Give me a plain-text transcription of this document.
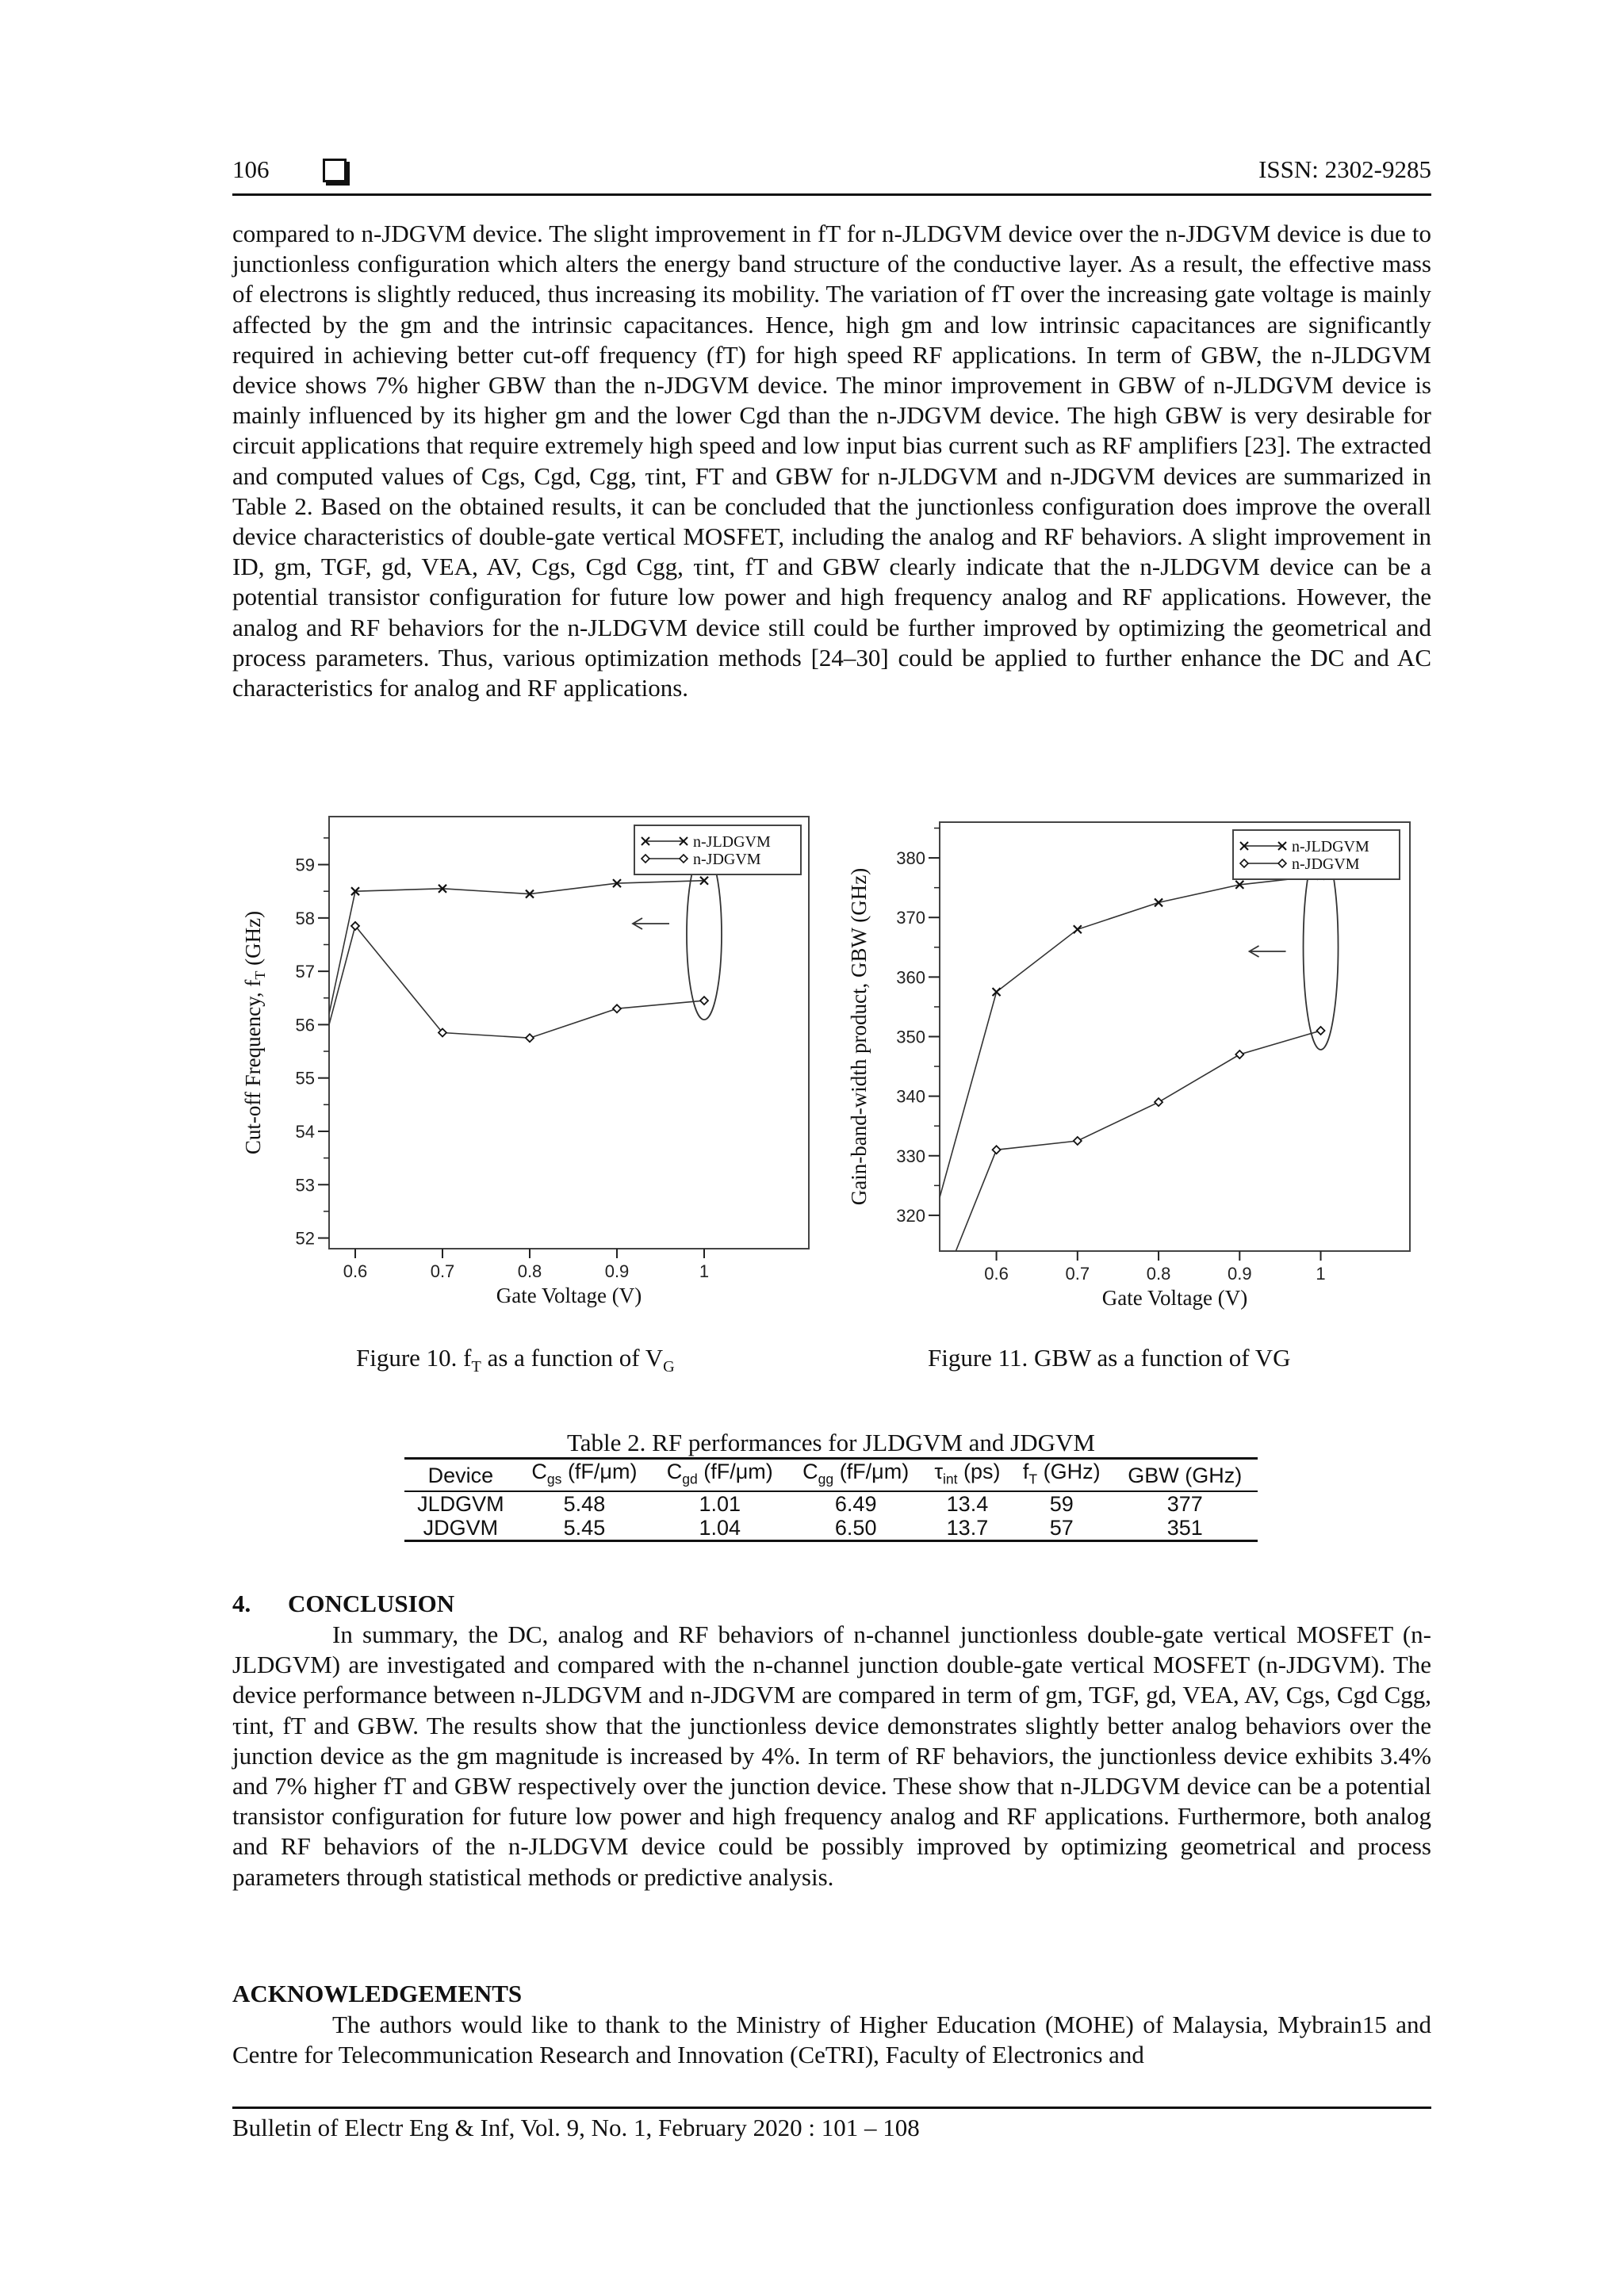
106	ISSN: 2302-9285

compared to n-JDGVM device. The slight improvement in fT for n-JLDGVM device over the n-JDGVM device is due to junctionless configuration which alters the energy band structure of the conductive layer. As a result, the effective mass of electrons is slightly reduced, thus increasing its mobility. The variation of fT over the increasing gate voltage is mainly affected by the gm and the intrinsic capacitances. Hence, high gm and low intrinsic capacitances are significantly required in achieving better cut-off frequency (fT) for high speed RF applications. In term of GBW, the n-JLDGVM device shows 7% higher GBW than the n-JDGVM device. The minor improvement in GBW of n-JLDGVM device is mainly influenced by its higher gm and the lower Cgd than the n-JDGVM device. The high GBW is very desirable for circuit applications that require extremely high speed and low input bias current such as RF amplifiers [23]. The extracted and computed values of Cgs, Cgd, Cgg, τint, FT and GBW for n-JLDGVM and n-JDGVM devices are summarized in Table 2. Based on the obtained results, it can be concluded that the junctionless configuration does improve the overall device characteristics of double-gate vertical MOSFET, including the analog and RF behaviors. A slight improvement in ID, gm, TGF, gd, VEA, AV, Cgs, Cgd Cgg, τint, fT and GBW clearly indicate that the n-JLDGVM device can be a potential transistor configuration for future low power and high frequency analog and RF applications. However, the analog and RF behaviors for the n-JLDGVM device still could be further improved by optimizing the geometrical and process parameters. Thus, various optimization methods [24–30] could be applied to further enhance the DC and AC characteristics for analog and RF applications.

52
53
54
55
56
57
58
59
0.6	0.7	0.8	0.9	1
Gate Voltage (V)
Cut-off Frequency, $f_T$ (GHz)
n-JLDGVM
n-JDGVM
Figure 10. $f_T$ as a function of $V_G$
320
330
340
350
360
370
380
0.6	0.7	0.8	0.9	1
Gate Voltage (V)
Gain-band-width product, GBW (GHz)
n-JLDGVM
n-JDGVM
Figure 11. GBW as a function of VG
Table 2. RF performances for JLDGVM and JDGVM
Device	$C_{gs}$ (fF/μm)	$C_{gd}$ (fF/μm)	$C_{gg}$ (fF/μm)	$\tau_{int}$ (ps)	$f_T$ (GHz)	GBW (GHz)
JLDGVM	5.48	1.01	6.49	13.4	59	377
JDGVM	5.45	1.04	6.50	13.7	57	351
4. CONCLUSION

In summary, the DC, analog and RF behaviors of n-channel junctionless double-gate vertical MOSFET (n-JLDGVM) are investigated and compared with the n-channel junction double-gate vertical MOSFET (n-JDGVM). The device performance between n-JLDGVM and n-JDGVM are compared in term of gm, TGF, gd, VEA, AV, Cgs, Cgd Cgg, τint, fT and GBW. The results show that the junctionless device demonstrates slightly better analog behaviors over the junction device as the gm magnitude is increased by 4%. In term of RF behaviors, the junctionless device exhibits 3.4% and 7% higher fT and GBW respectively over the junction device. These show that n-JLDGVM device can be a potential transistor configuration for future low power and high frequency analog and RF applications. Furthermore, both analog and RF behaviors of the n-JLDGVM device could be possibly improved by optimizing geometrical and process parameters through statistical methods or predictive analysis.

ACKNOWLEDGEMENTS

The authors would like to thank to the Ministry of Higher Education (MOHE) of Malaysia, Mybrain15 and Centre for Telecommunication Research and Innovation (CeTRI), Faculty of Electronics and

Bulletin of Electr Eng & Inf, Vol. 9, No. 1, February 2020 : 101 – 108
